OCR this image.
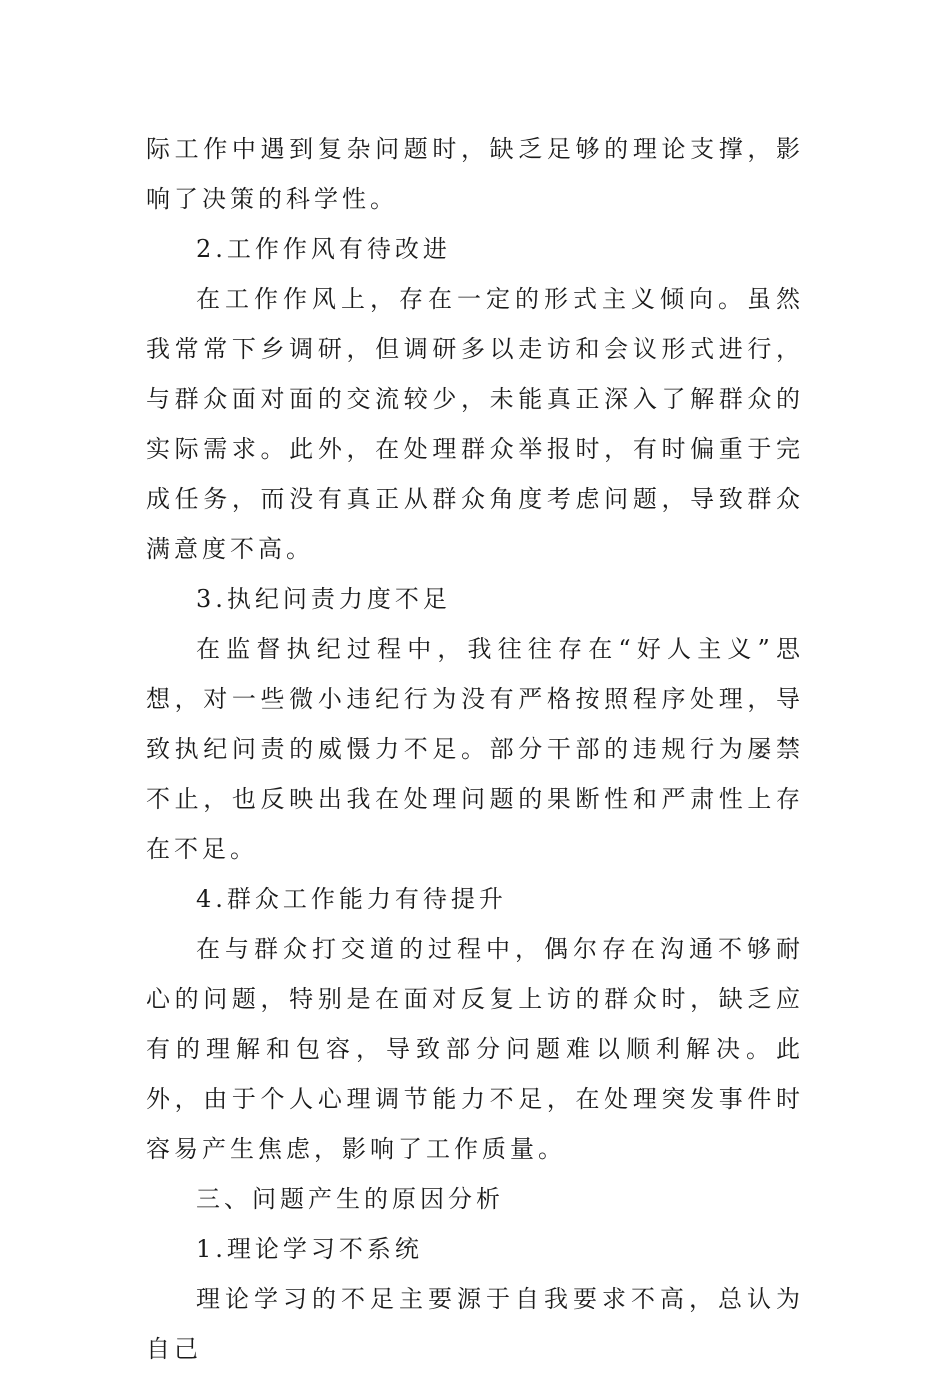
际工作中遇到复杂问题时，缺乏足够的理论支撑，影响了决策的科学性。

2.工作作风有待改进

在工作作风上，存在一定的形式主义倾向。虽然我常常下乡调研，但调研多以走访和会议形式进行，与群众面对面的交流较少，未能真正深入了解群众的实际需求。此外，在处理群众举报时，有时偏重于完成任务，而没有真正从群众角度考虑问题，导致群众满意度不高。

3.执纪问责力度不足

在监督执纪过程中，我往往存在“好人主义”思想，对一些微小违纪行为没有严格按照程序处理，导致执纪问责的威慑力不足。部分干部的违规行为屡禁不止，也反映出我在处理问题的果断性和严肃性上存在不足。

4.群众工作能力有待提升

在与群众打交道的过程中，偶尔存在沟通不够耐心的问题，特别是在面对反复上访的群众时，缺乏应有的理解和包容，导致部分问题难以顺利解决。此外，由于个人心理调节能力不足，在处理突发事件时容易产生焦虑，影响了工作质量。

三、问题产生的原因分析

1.理论学习不系统

理论学习的不足主要源于自我要求不高，总认为自己
